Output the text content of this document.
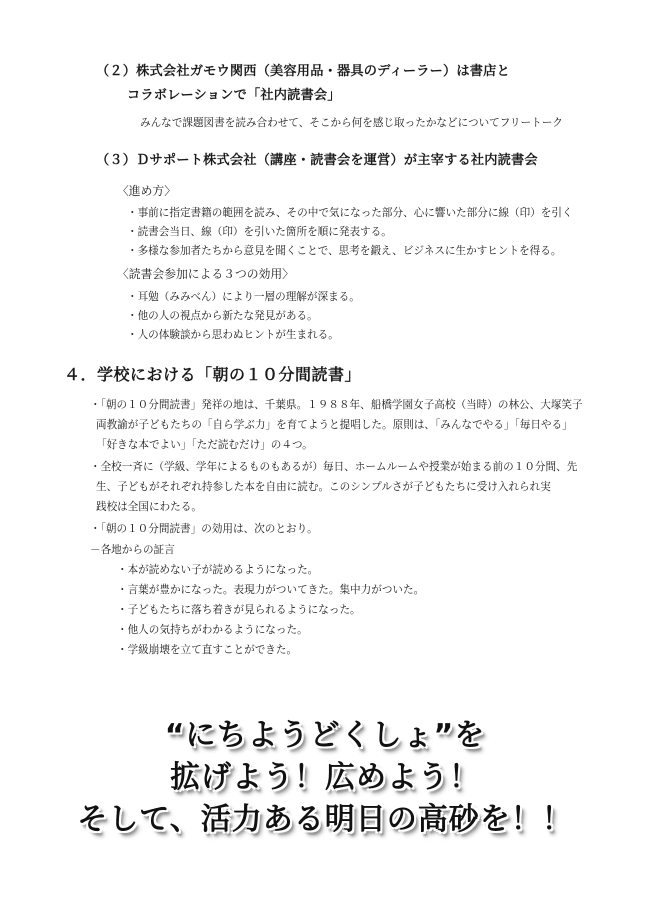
（２）株式会社ガモウ関西（美容用品・器具のディーラー）は書店と
コラボレーションで「社内読書会」
みんなで課題図書を読み合わせて、そこから何を感じ取ったかなどについてフリートーク
（３）Ｄサポート株式会社（講座・読書会を運営）が主宰する社内読書会
〈進め方〉
・事前に指定書籍の範囲を読み、その中で気になった部分、心に響いた部分に線（印）を引く
・読書会当日、線（印）を引いた箇所を順に発表する。
・多様な参加者たちから意見を聞くことで、思考を鍛え、ビジネスに生かすヒントを得る。
〈読書会参加による３つの効用〉
・耳勉（みみべん）により一層の理解が深まる。
・他の人の視点から新たな発見がある。
・人の体験談から思わぬヒントが生まれる。
４．学校における「朝の１０分間読書」
・「朝の１０分間読書」発祥の地は、千葉県。１９８８年、船橋学園女子高校（当時）の林公、大塚笑子
両教諭が子どもたちの「自ら学ぶ力」を育てようと提唱した。原則は、「みんなでやる」「毎日やる」
「好きな本でよい」「ただ読むだけ」の４つ。
・全校一斉に（学級、学年によるものもあるが）毎日、ホームルームや授業が始まる前の１０分間、先
生、子どもがそれぞれ持参した本を自由に読む。このシンプルさが子どもたちに受け入れられ実
践校は全国にわたる。
・「朝の１０分間読書」の効用は、次のとおり。
－各地からの証言
・本が読めない子が読めるようになった。
・言葉が豊かになった。表現力がついてきた。集中力がついた。
・子どもたちに落ち着きが見られるようになった。
・他人の気持ちがわかるようになった。
・学級崩壊を立て直すことができた。
“にちようどくしょ”を
拡げよう！広めよう！
そして、活力ある明日の高砂を！！
